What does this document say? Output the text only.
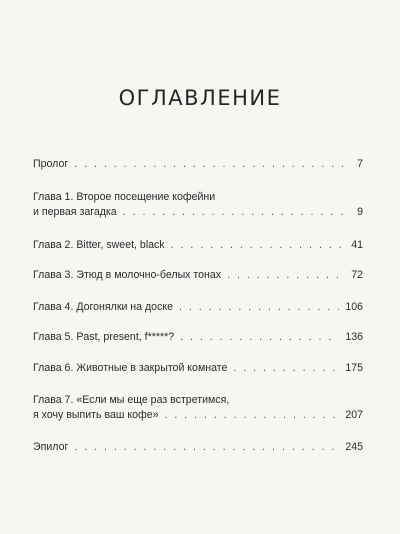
ОГЛАВЛЕНИЕ
Пролог . . .	7
Глава 1. Второе посещение кофейни
и первая загадка . . .	9
Глава 2. Bitter, sweet, black . . .	41
Глава 3. Этюд в молочно-белых тонах . . .	72
Глава 4. Догонялки на доске . . .	106
Глава 5. Past, present, f*****? . . .	136
Глава 6. Животные в закрытой комнате . . .	175
Глава 7. «Если мы еще раз встретимся,
я хочу выпить ваш кофе» . . .	207
Эпилог . . .	245
